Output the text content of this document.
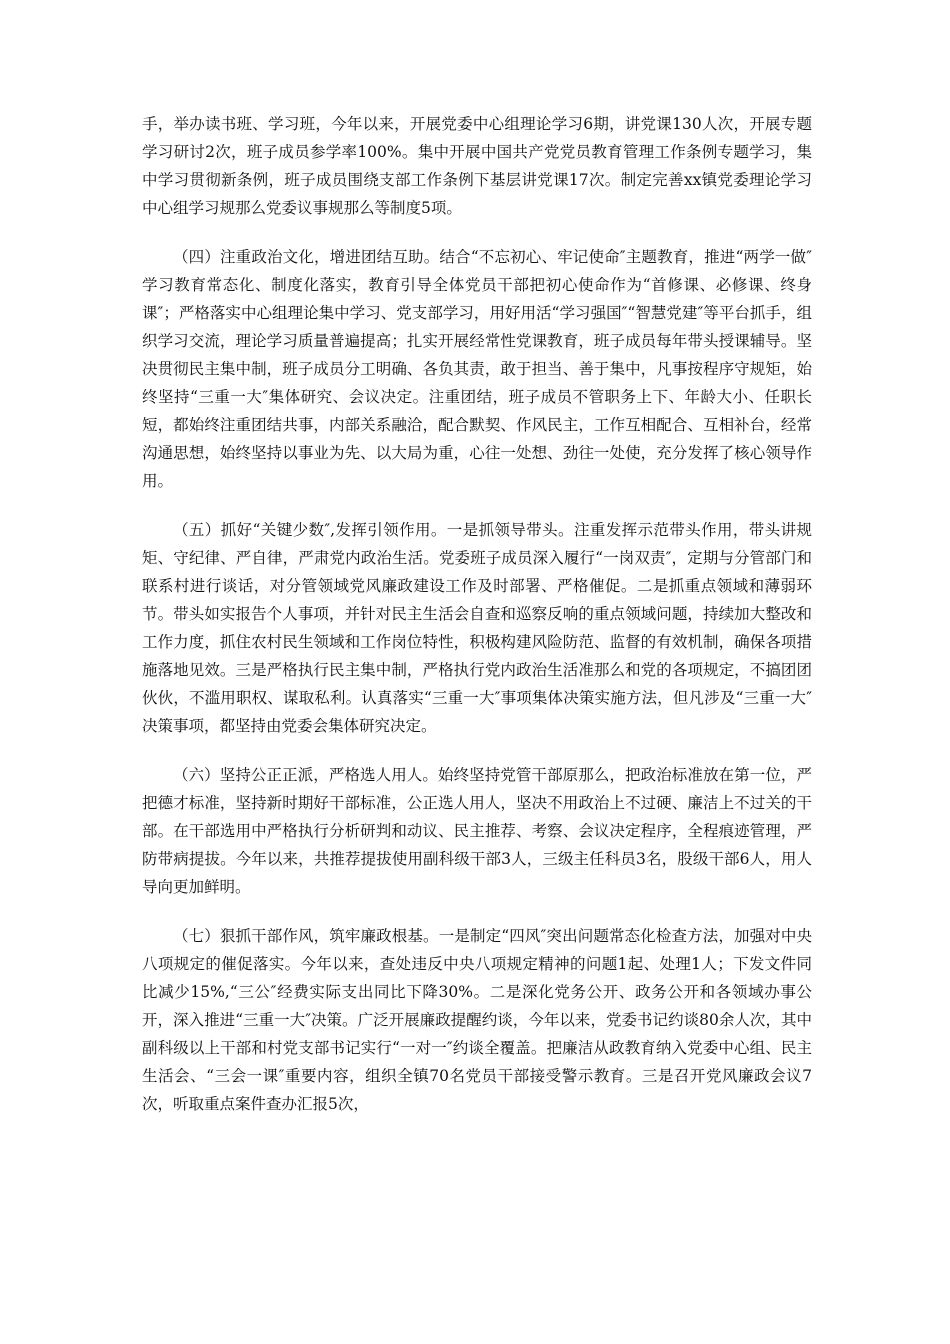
手，举办读书班、学习班，今年以来，开展党委中心组理论学习6期，讲党课130人次，开展专题学习研讨2次，班子成员参学率100%。集中开展中国共产党党员教育管理工作条例专题学习，集中学习贯彻新条例，班子成员围绕支部工作条例下基层讲党课17次。制定完善xx镇党委理论学习中心组学习规那么党委议事规那么等制度5项。

（四）注重政治文化，增进团结互助。结合“不忘初心、牢记使命″主题教育，推进“两学一做″学习教育常态化、制度化落实，教育引导全体党员干部把初心使命作为“首修课、必修课、终身课″；严格落实中心组理论集中学习、党支部学习，用好用活“学习强国″“智慧党建″等平台抓手，组织学习交流，理论学习质量普遍提高；扎实开展经常性党课教育，班子成员每年带头授课辅导。坚决贯彻民主集中制，班子成员分工明确、各负其责，敢于担当、善于集中，凡事按程序守规矩，始终坚持“三重一大″集体研究、会议决定。注重团结，班子成员不管职务上下、年龄大小、任职长短，都始终注重团结共事，内部关系融洽，配合默契、作风民主，工作互相配合、互相补台，经常沟通思想，始终坚持以事业为先、以大局为重，心往一处想、劲往一处使，充分发挥了核心领导作用。

（五）抓好“关键少数″,发挥引领作用。一是抓领导带头。注重发挥示范带头作用，带头讲规矩、守纪律、严自律，严肃党内政治生活。党委班子成员深入履行“一岗双责″，定期与分管部门和联系村进行谈话，对分管领域党风廉政建设工作及时部署、严格催促。二是抓重点领域和薄弱环节。带头如实报告个人事项，并针对民主生活会自查和巡察反响的重点领域问题，持续加大整改和工作力度，抓住农村民生领域和工作岗位特性，积极构建风险防范、监督的有效机制，确保各项措施落地见效。三是严格执行民主集中制，严格执行党内政治生活准那么和党的各项规定，不搞团团伙伙，不滥用职权、谋取私利。认真落实“三重一大″事项集体决策实施方法，但凡涉及“三重一大″决策事项，都坚持由党委会集体研究决定。

（六）坚持公正正派，严格选人用人。始终坚持党管干部原那么，把政治标准放在第一位，严把德才标准，坚持新时期好干部标准，公正选人用人，坚决不用政治上不过硬、廉洁上不过关的干部。在干部选用中严格执行分析研判和动议、民主推荐、考察、会议决定程序，全程痕迹管理，严防带病提拔。今年以来，共推荐提拔使用副科级干部3人，三级主任科员3名，股级干部6人，用人导向更加鲜明。

（七）狠抓干部作风，筑牢廉政根基。一是制定“四风″突出问题常态化检查方法，加强对中央八项规定的催促落实。今年以来，查处违反中央八项规定精神的问题1起、处理1人；下发文件同比减少15%,“三公″经费实际支出同比下降30%。二是深化党务公开、政务公开和各领域办事公开，深入推进“三重一大″决策。广泛开展廉政提醒约谈，今年以来，党委书记约谈80余人次，其中副科级以上干部和村党支部书记实行“一对一″约谈全覆盖。把廉洁从政教育纳入党委中心组、民主生活会、“三会一课″重要内容，组织全镇70名党员干部接受警示教育。三是召开党风廉政会议7次，听取重点案件查办汇报5次，
